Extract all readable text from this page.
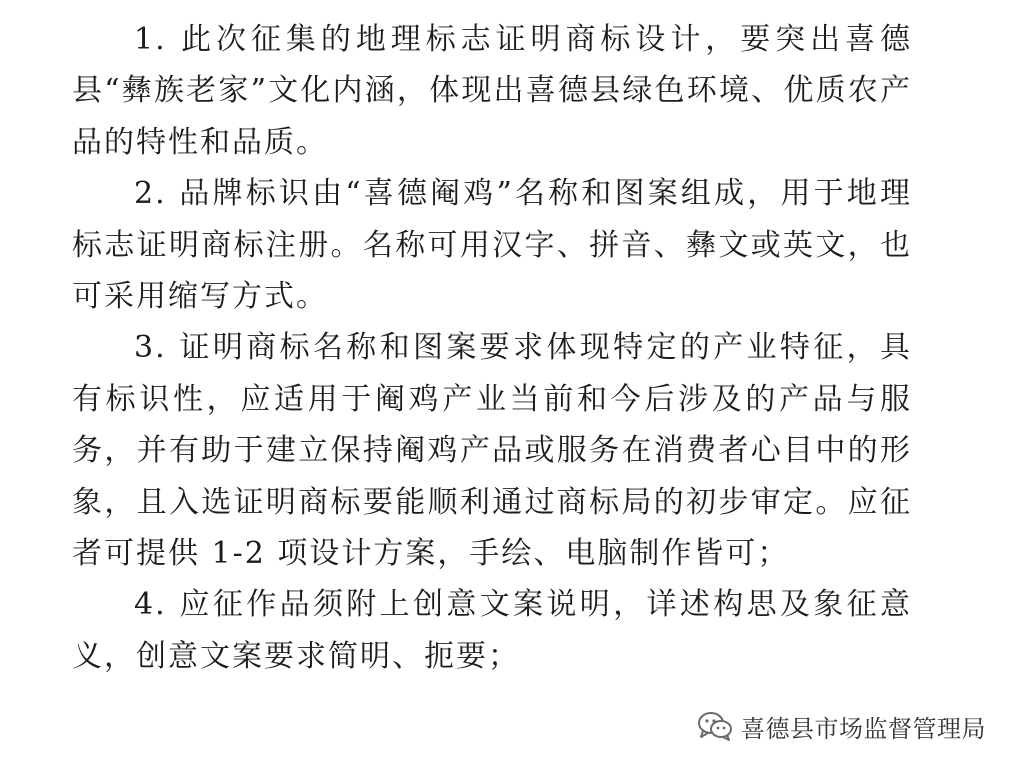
1. 此次征集的地理标志证明商标设计，要突出喜德县“彝族老家”文化内涵，体现出喜德县绿色环境、优质农产品的特性和品质。

2. 品牌标识由“喜德阉鸡”名称和图案组成，用于地理标志证明商标注册。名称可用汉字、拼音、彝文或英文，也可采用缩写方式。

3. 证明商标名称和图案要求体现特定的产业特征，具有标识性，应适用于阉鸡产业当前和今后涉及的产品与服务，并有助于建立保持阉鸡产品或服务在消费者心目中的形象，且入选证明商标要能顺利通过商标局的初步审定。应征者可提供 1-2 项设计方案，手绘、电脑制作皆可；

4. 应征作品须附上创意文案说明，详述构思及象征意义，创意文案要求简明、扼要；

喜德县市场监督管理局
